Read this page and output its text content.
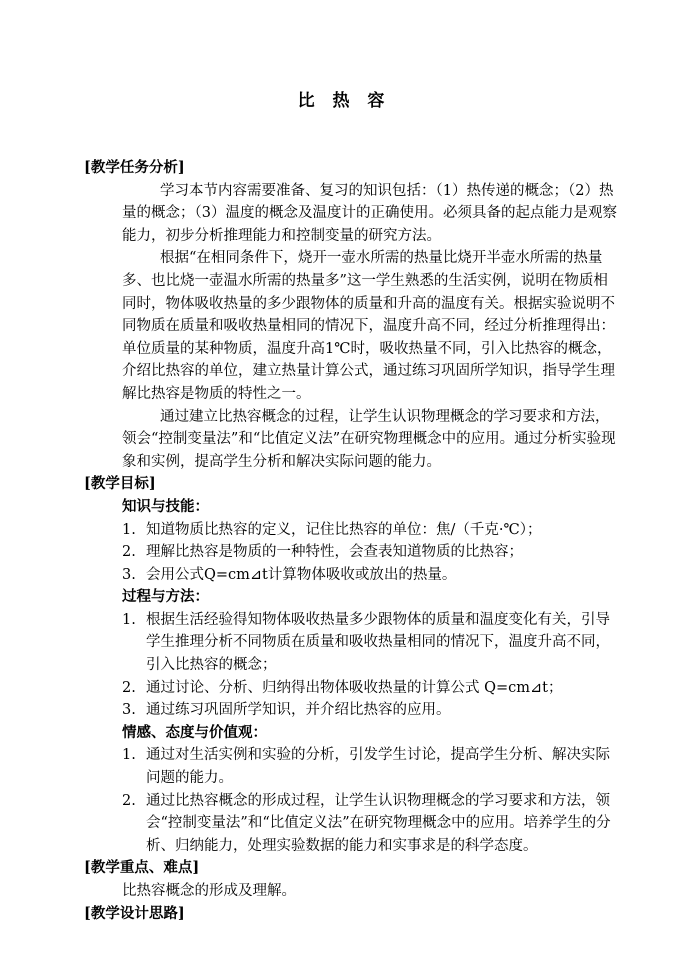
比 热 容

[教学任务分析]

学习本节内容需要准备、复习的知识包括：（1）热传递的概念；（2）热量的概念；（3）温度的概念及温度计的正确使用。必须具备的起点能力是观察能力，初步分析推理能力和控制变量的研究方法。

根据“在相同条件下，烧开一壶水所需的热量比烧开半壶水所需的热量多、也比烧一壶温水所需的热量多”这一学生熟悉的生活实例，说明在物质相同时，物体吸收热量的多少跟物体的质量和升高的温度有关。根据实验说明不同物质在质量和吸收热量相同的情况下，温度升高不同，经过分析推理得出：单位质量的某种物质，温度升高1℃时，吸收热量不同，引入比热容的概念，介绍比热容的单位，建立热量计算公式，通过练习巩固所学知识，指导学生理解比热容是物质的特性之一。

通过建立比热容概念的过程，让学生认识物理概念的学习要求和方法，领会“控制变量法”和“比值定义法”在研究物理概念中的应用。通过分析实验现象和实例，提高学生分析和解决实际问题的能力。

[教学目标]

知识与技能：

1. 知道物质比热容的定义，记住比热容的单位：焦/（千克·℃）；
2. 理解比热容是物质的一种特性，会查表知道物质的比热容；
3. 会用公式Q=cm⊿t计算物体吸收或放出的热量。

过程与方法：

1. 根据生活经验得知物体吸收热量多少跟物体的质量和温度变化有关，引导学生推理分析不同物质在质量和吸收热量相同的情况下，温度升高不同，引入比热容的概念；
2. 通过讨论、分析、归纳得出物体吸收热量的计算公式 Q=cm⊿t；
3. 通过练习巩固所学知识，并介绍比热容的应用。

情感、态度与价值观：

1. 通过对生活实例和实验的分析，引发学生讨论，提高学生分析、解决实际问题的能力。
2. 通过比热容概念的形成过程，让学生认识物理概念的学习要求和方法，领会“控制变量法”和“比值定义法”在研究物理概念中的应用。培养学生的分析、归纳能力，处理实验数据的能力和实事求是的科学态度。

[教学重点、难点]

比热容概念的形成及理解。

[教学设计思路]
